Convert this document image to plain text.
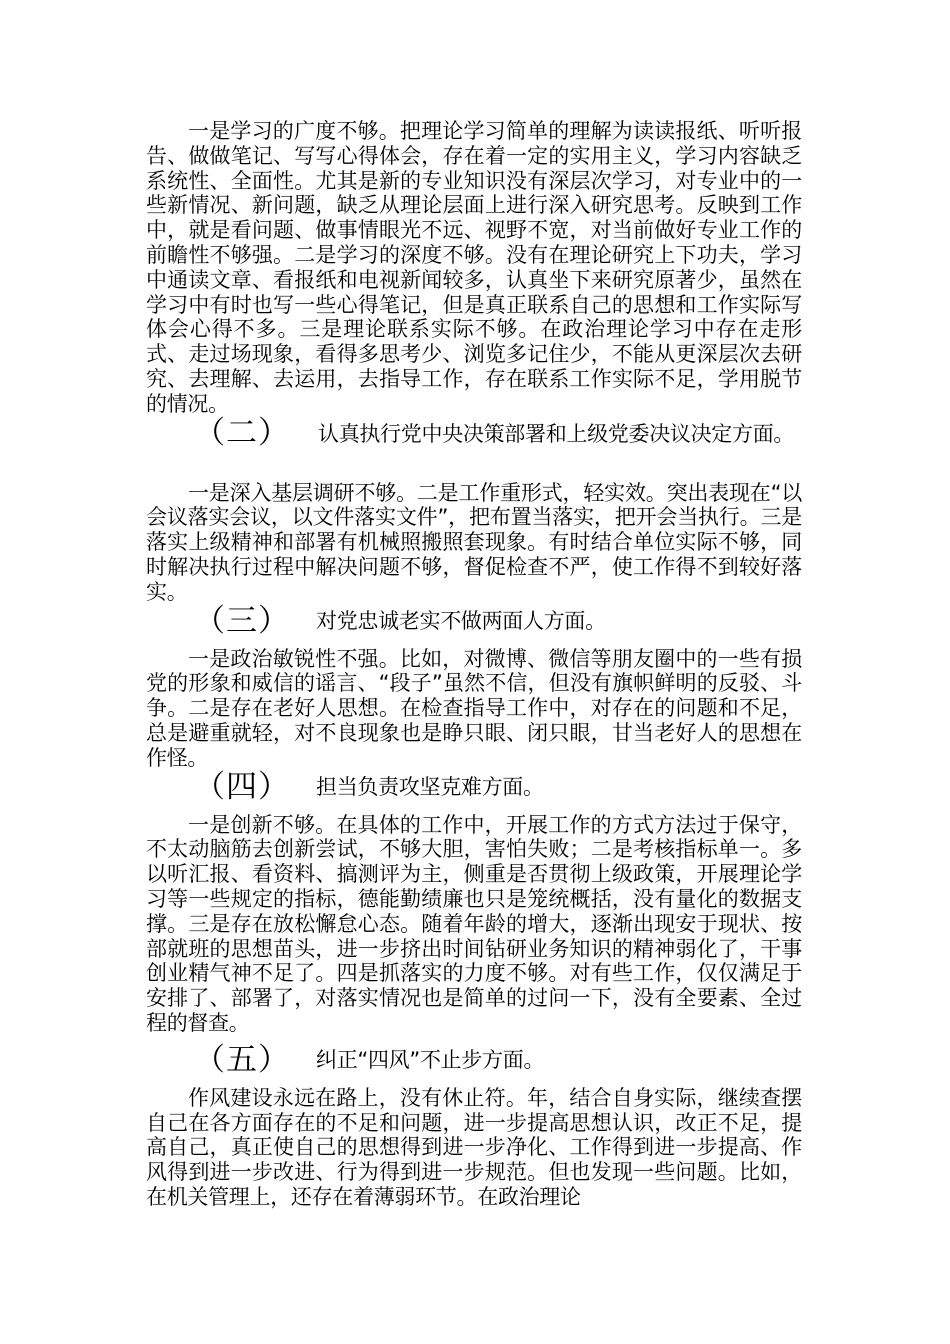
一是学习的广度不够。把理论学习简单的理解为读读报纸、听听报告、做做笔记、写写心得体会，存在着一定的实用主义，学习内容缺乏系统性、全面性。尤其是新的专业知识没有深层次学习，对专业中的一些新情况、新问题，缺乏从理论层面上进行深入研究思考。反映到工作中，就是看问题、做事情眼光不远、视野不宽，对当前做好专业工作的前瞻性不够强。二是学习的深度不够。没有在理论研究上下功夫，学习中通读文章、看报纸和电视新闻较多，认真坐下来研究原著少，虽然在学习中有时也写一些心得笔记，但是真正联系自己的思想和工作实际写体会心得不多。三是理论联系实际不够。在政治理论学习中存在走形式、走过场现象，看得多思考少、浏览多记住少，不能从更深层次去研究、去理解、去运用，去指导工作，存在联系工作实际不足，学用脱节的情况。

（二） 认真执行党中央决策部署和上级党委决议决定方面。

一是深入基层调研不够。二是工作重形式，轻实效。突出表现在“以会议落实会议，以文件落实文件”，把布置当落实，把开会当执行。三是落实上级精神和部署有机械照搬照套现象。有时结合单位实际不够，同时解决执行过程中解决问题不够，督促检查不严，使工作得不到较好落实。

（三） 对党忠诚老实不做两面人方面。

一是政治敏锐性不强。比如，对微博、微信等朋友圈中的一些有损党的形象和威信的谣言、“段子”虽然不信，但没有旗帜鲜明的反驳、斗争。二是存在老好人思想。在检查指导工作中，对存在的问题和不足，总是避重就轻，对不良现象也是睁只眼、闭只眼，甘当老好人的思想在作怪。

（四） 担当负责攻坚克难方面。

一是创新不够。在具体的工作中，开展工作的方式方法过于保守，不太动脑筋去创新尝试，不够大胆，害怕失败；二是考核指标单一。多以听汇报、看资料、搞测评为主，侧重是否贯彻上级政策，开展理论学习等一些规定的指标，德能勤绩廉也只是笼统概括，没有量化的数据支撑。三是存在放松懈怠心态。随着年龄的增大，逐渐出现安于现状、按部就班的思想苗头，进一步挤出时间钻研业务知识的精神弱化了，干事创业精气神不足了。四是抓落实的力度不够。对有些工作，仅仅满足于安排了、部署了，对落实情况也是简单的过问一下，没有全要素、全过程的督查。

（五） 纠正“四风”不止步方面。

作风建设永远在路上，没有休止符。年，结合自身实际，继续查摆自己在各方面存在的不足和问题，进一步提高思想认识，改正不足，提高自己，真正使自己的思想得到进一步净化、工作得到进一步提高、作风得到进一步改进、行为得到进一步规范。但也发现一些问题。比如，在机关管理上，还存在着薄弱环节。在政治理论
